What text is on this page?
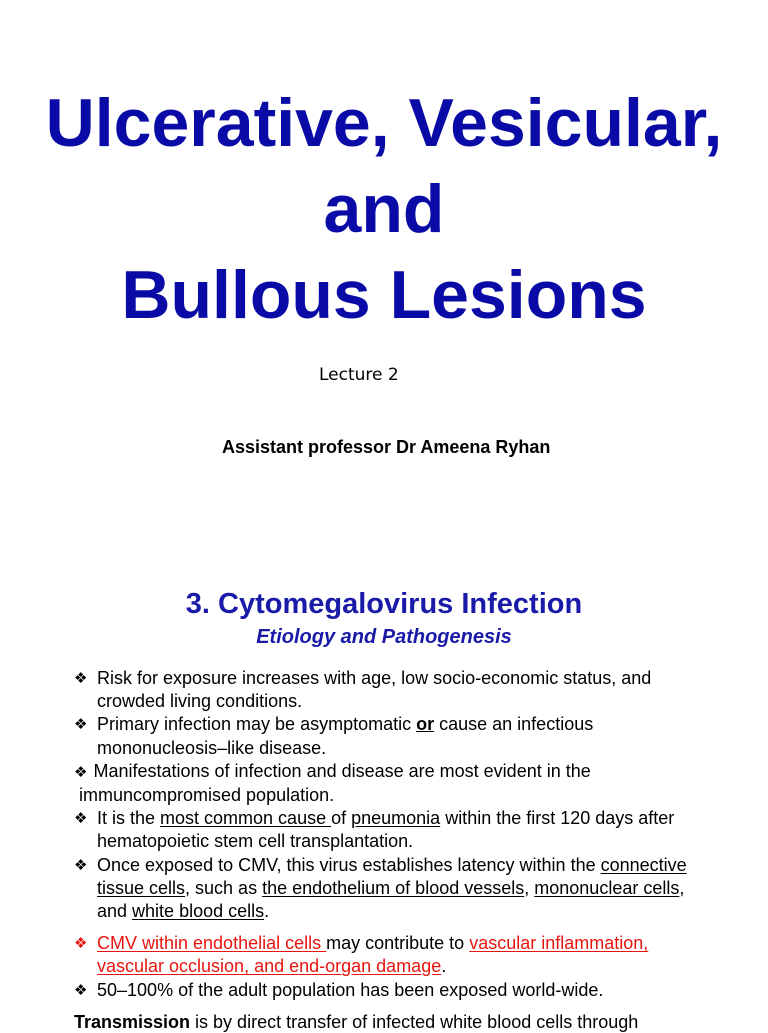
Ulcerative, Vesicular,
and
Bullous Lesions
Lecture 2
Assistant professor Dr Ameena Ryhan
3. Cytomegalovirus Infection
Etiology and Pathogenesis
❖ Risk for exposure increases with age, low socio-economic status, and crowded living conditions.
❖ Primary infection may be asymptomatic or cause an infectious mononucleosis–like disease.
❖ Manifestations of infection and disease are most evident in the
immuncompromised population.
❖ It is the most common cause of pneumonia within the first 120 days after hematopoietic stem cell transplantation.
❖ Once exposed to CMV, this virus establishes latency within the connective tissue cells, such as the endothelium of blood vessels, mononuclear cells, and white blood cells.
❖ CMV within endothelial cells may contribute to vascular inflammation, vascular occlusion, and end-organ damage.
❖ 50–100% of the adult population has been exposed world-wide.
Transmission is by direct transfer of infected white blood cells through
